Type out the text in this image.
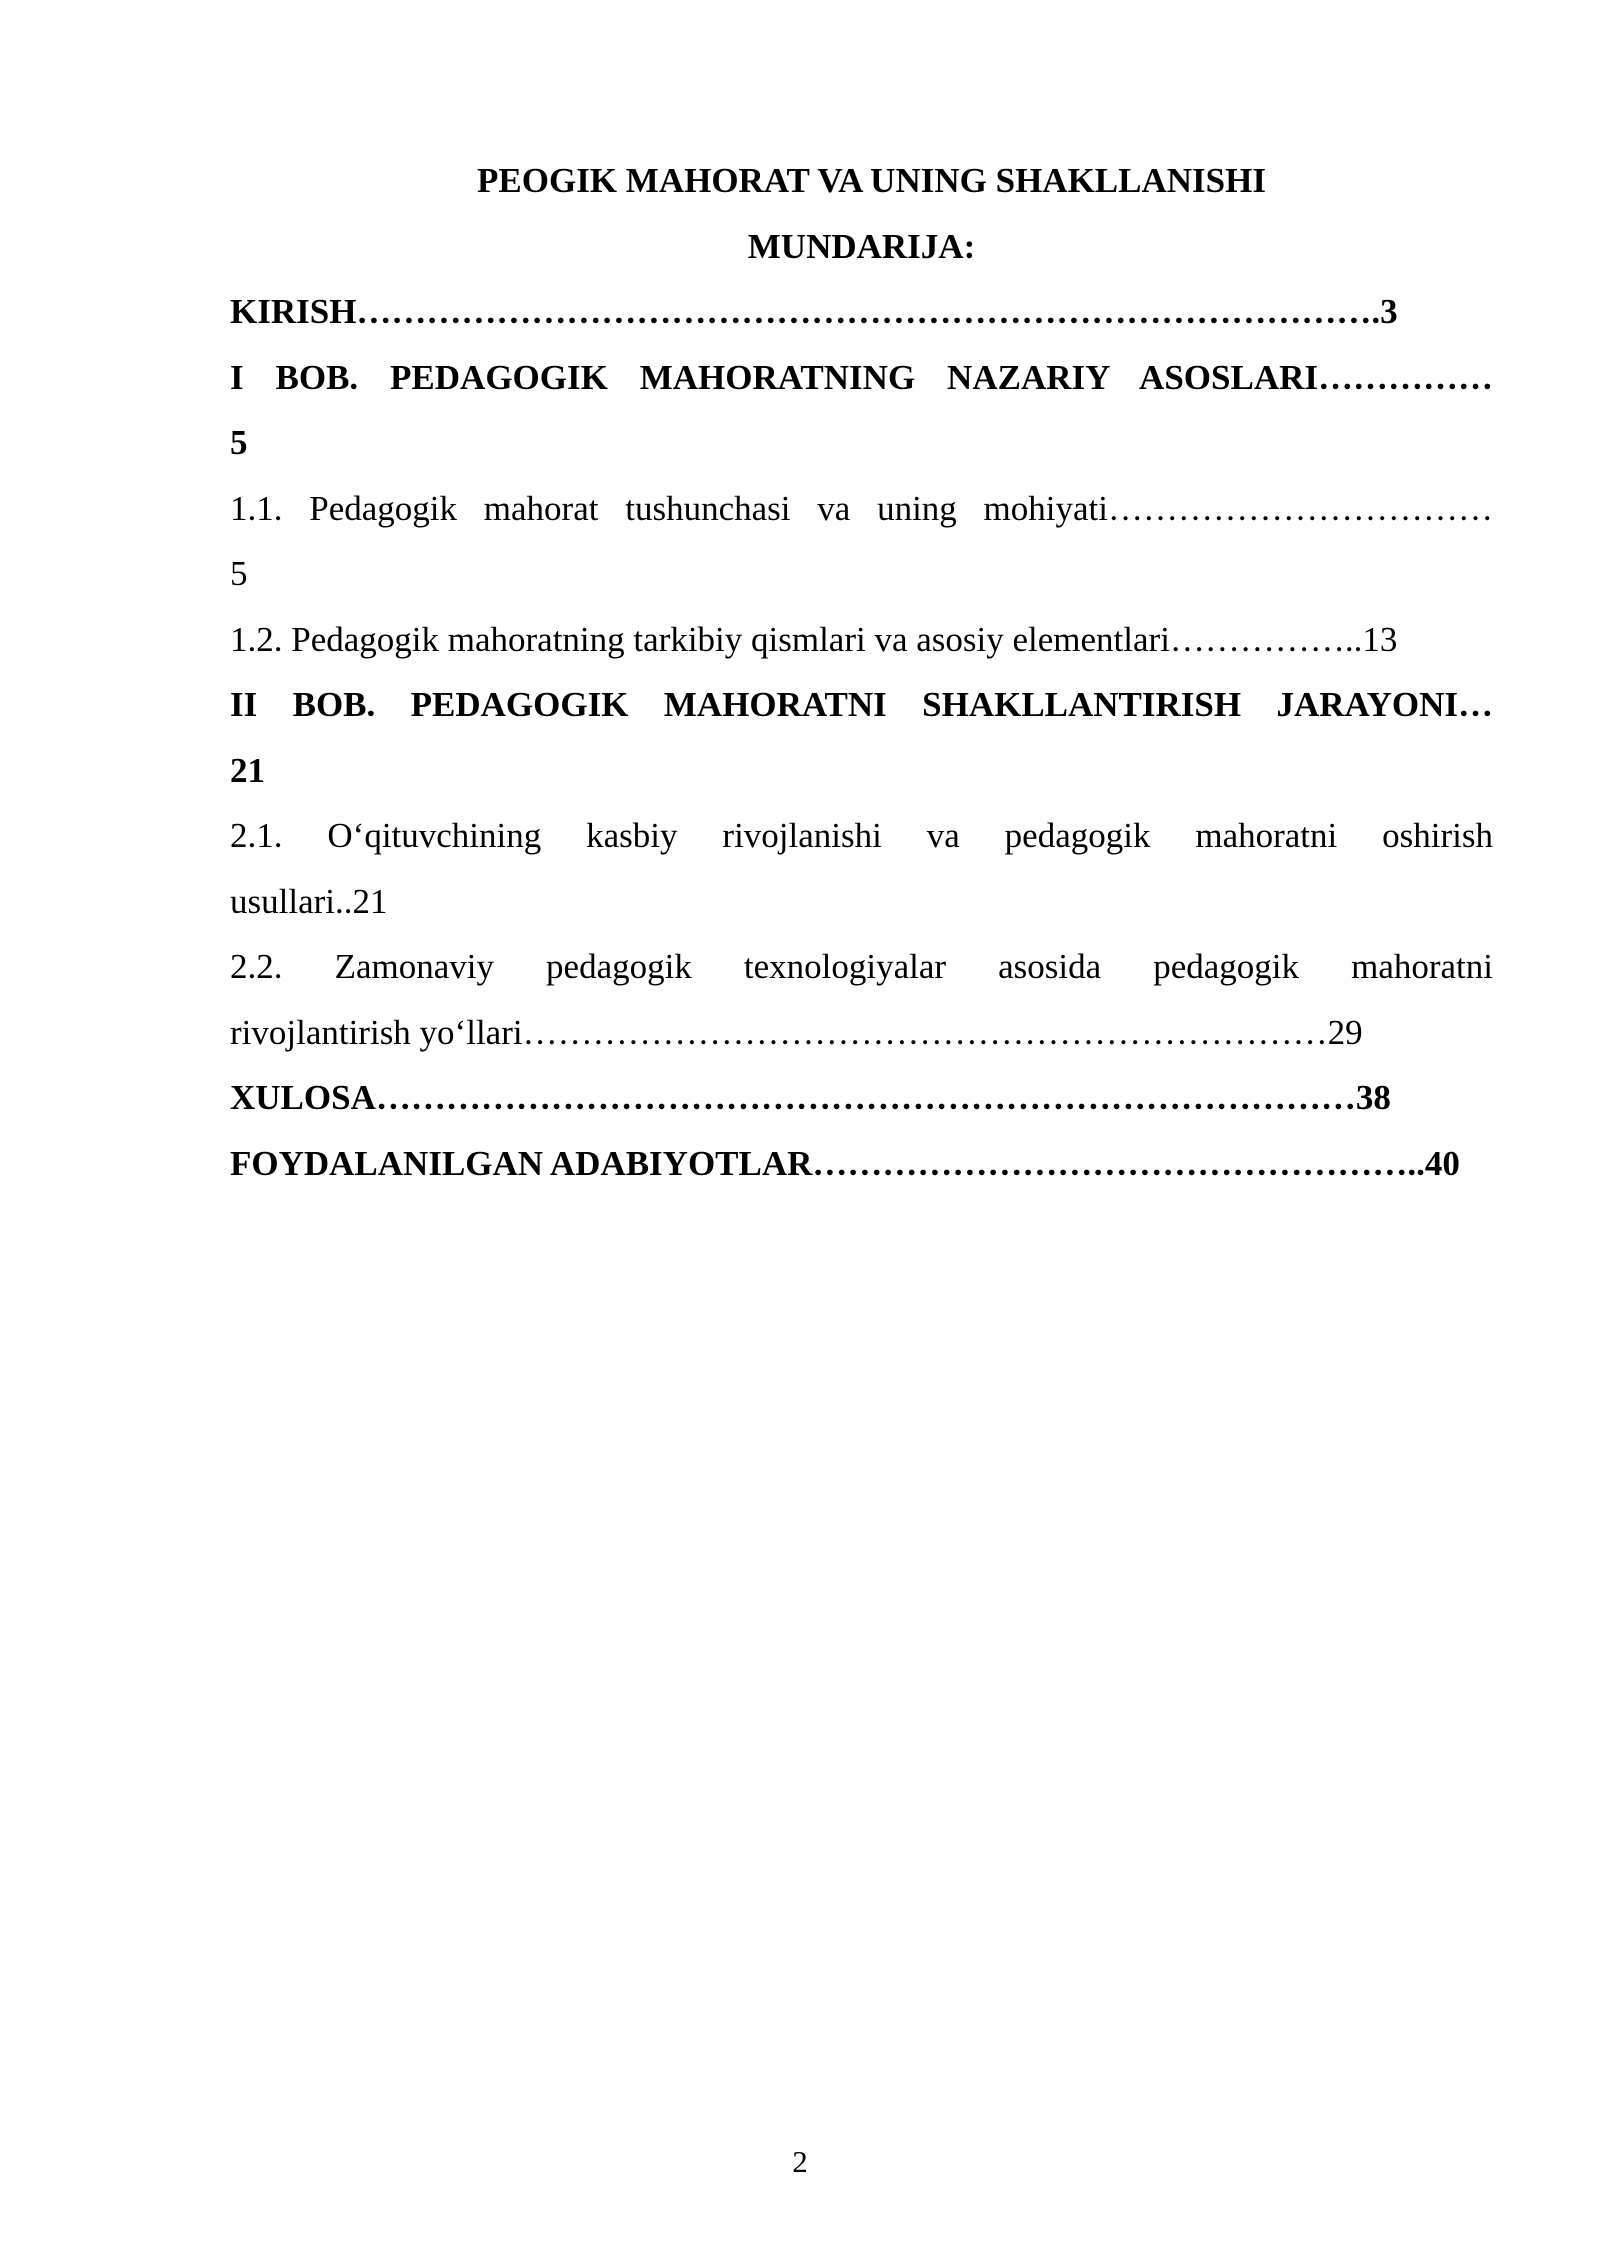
PEOGIK MAHORAT VA UNING SHAKLLANISHI
MUNDARIJA:
KIRISH…………………………………………………………………………….3
I BOB. PEDAGOGIK MAHORATNING NAZARIY ASOSLARI……………
5
1.1. Pedagogik mahorat tushunchasi va uning mohiyati……………………………
5
1.2. Pedagogik mahoratning tarkibiy qismlari va asosiy elementlari……………..13
II BOB. PEDAGOGIK MAHORATNI SHAKLLANTIRISH JARAYONI…
21
2.1. O‘qituvchining kasbiy rivojlanishi va pedagogik mahoratni oshirish
usullari..21
2.2. Zamonaviy pedagogik texnologiyalar asosida pedagogik mahoratni
rivojlantirish yo‘llari……………………………………………………………29
XULOSA…………………………………………………………………………38
FOYDALANILGAN ADABIYOTLAR……………………………………………..40
2
